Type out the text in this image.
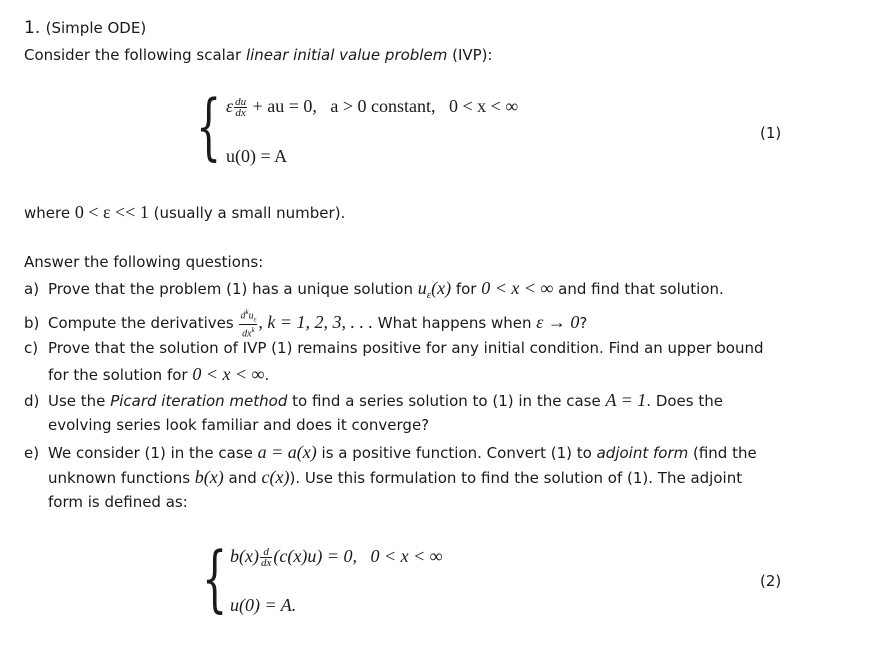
1. (Simple ODE)
Consider the following scalar linear initial value problem (IVP):
{ ε $\frac{du}{dx}$ + au = 0,   a > 0 constant,   0 < x < ∞
u(0) = A
(1)
where 0 < ε << 1 (usually a small number).
Answer the following questions:
a) Prove that the problem (1) has a unique solution $u_\varepsilon(x)$ for 0 < x < ∞ and find that solution.
b) Compute the derivatives $\frac{d^ku_\varepsilon}{dx^k}$ , k = 1, 2, 3, . . . What happens when ε → 0?
c) Prove that the solution of IVP (1) remains positive for any initial condition. Find an upper bound
for the solution for 0 < x < ∞.
d) Use the Picard iteration method to find a series solution to (1) in the case A = 1. Does the
evolving series look familiar and does it converge?
e) We consider (1) in the case a = a(x) is a positive function. Convert (1) to adjoint form (find the
unknown functions b(x) and c(x)). Use this formulation to find the solution of (1). The adjoint
form is defined as:
{ $b(x) \frac{d}{dx} (c(x)u) = 0$,   0 < x < ∞
u(0) = A.
(2)
